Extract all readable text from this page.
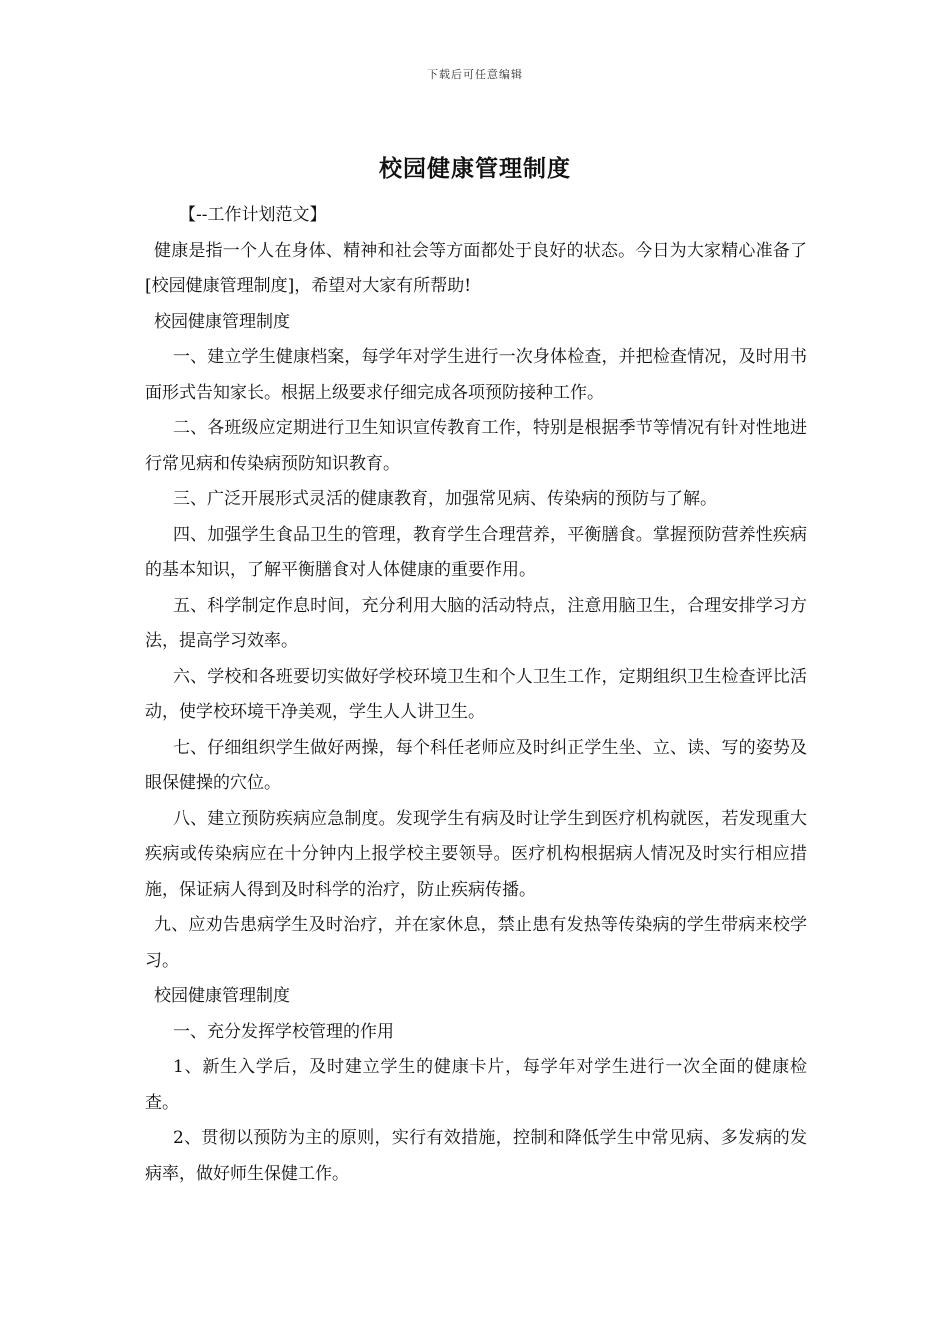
下载后可任意编辑
校园健康管理制度

【--工作计划范文】

健康是指一个人在身体、精神和社会等方面都处于良好的状态。今日为大家精心准备了[校园健康管理制度]，希望对大家有所帮助!

校园健康管理制度

一、建立学生健康档案，每学年对学生进行一次身体检查，并把检查情况，及时用书面形式告知家长。根据上级要求仔细完成各项预防接种工作。

二、各班级应定期进行卫生知识宣传教育工作，特别是根据季节等情况有针对性地进行常见病和传染病预防知识教育。

三、广泛开展形式灵活的健康教育，加强常见病、传染病的预防与了解。

四、加强学生食品卫生的管理，教育学生合理营养，平衡膳食。掌握预防营养性疾病的基本知识，了解平衡膳食对人体健康的重要作用。

五、科学制定作息时间，充分利用大脑的活动特点，注意用脑卫生，合理安排学习方法，提高学习效率。

六、学校和各班要切实做好学校环境卫生和个人卫生工作，定期组织卫生检查评比活动，使学校环境干净美观，学生人人讲卫生。

七、仔细组织学生做好两操，每个科任老师应及时纠正学生坐、立、读、写的姿势及眼保健操的穴位。

八、建立预防疾病应急制度。发现学生有病及时让学生到医疗机构就医，若发现重大疾病或传染病应在十分钟内上报学校主要领导。医疗机构根据病人情况及时实行相应措施，保证病人得到及时科学的治疗，防止疾病传播。

九、应劝告患病学生及时治疗，并在家休息，禁止患有发热等传染病的学生带病来校学习。

校园健康管理制度

一、充分发挥学校管理的作用

1、新生入学后，及时建立学生的健康卡片，每学年对学生进行一次全面的健康检查。

2、贯彻以预防为主的原则，实行有效措施，控制和降低学生中常见病、多发病的发病率，做好师生保健工作。
